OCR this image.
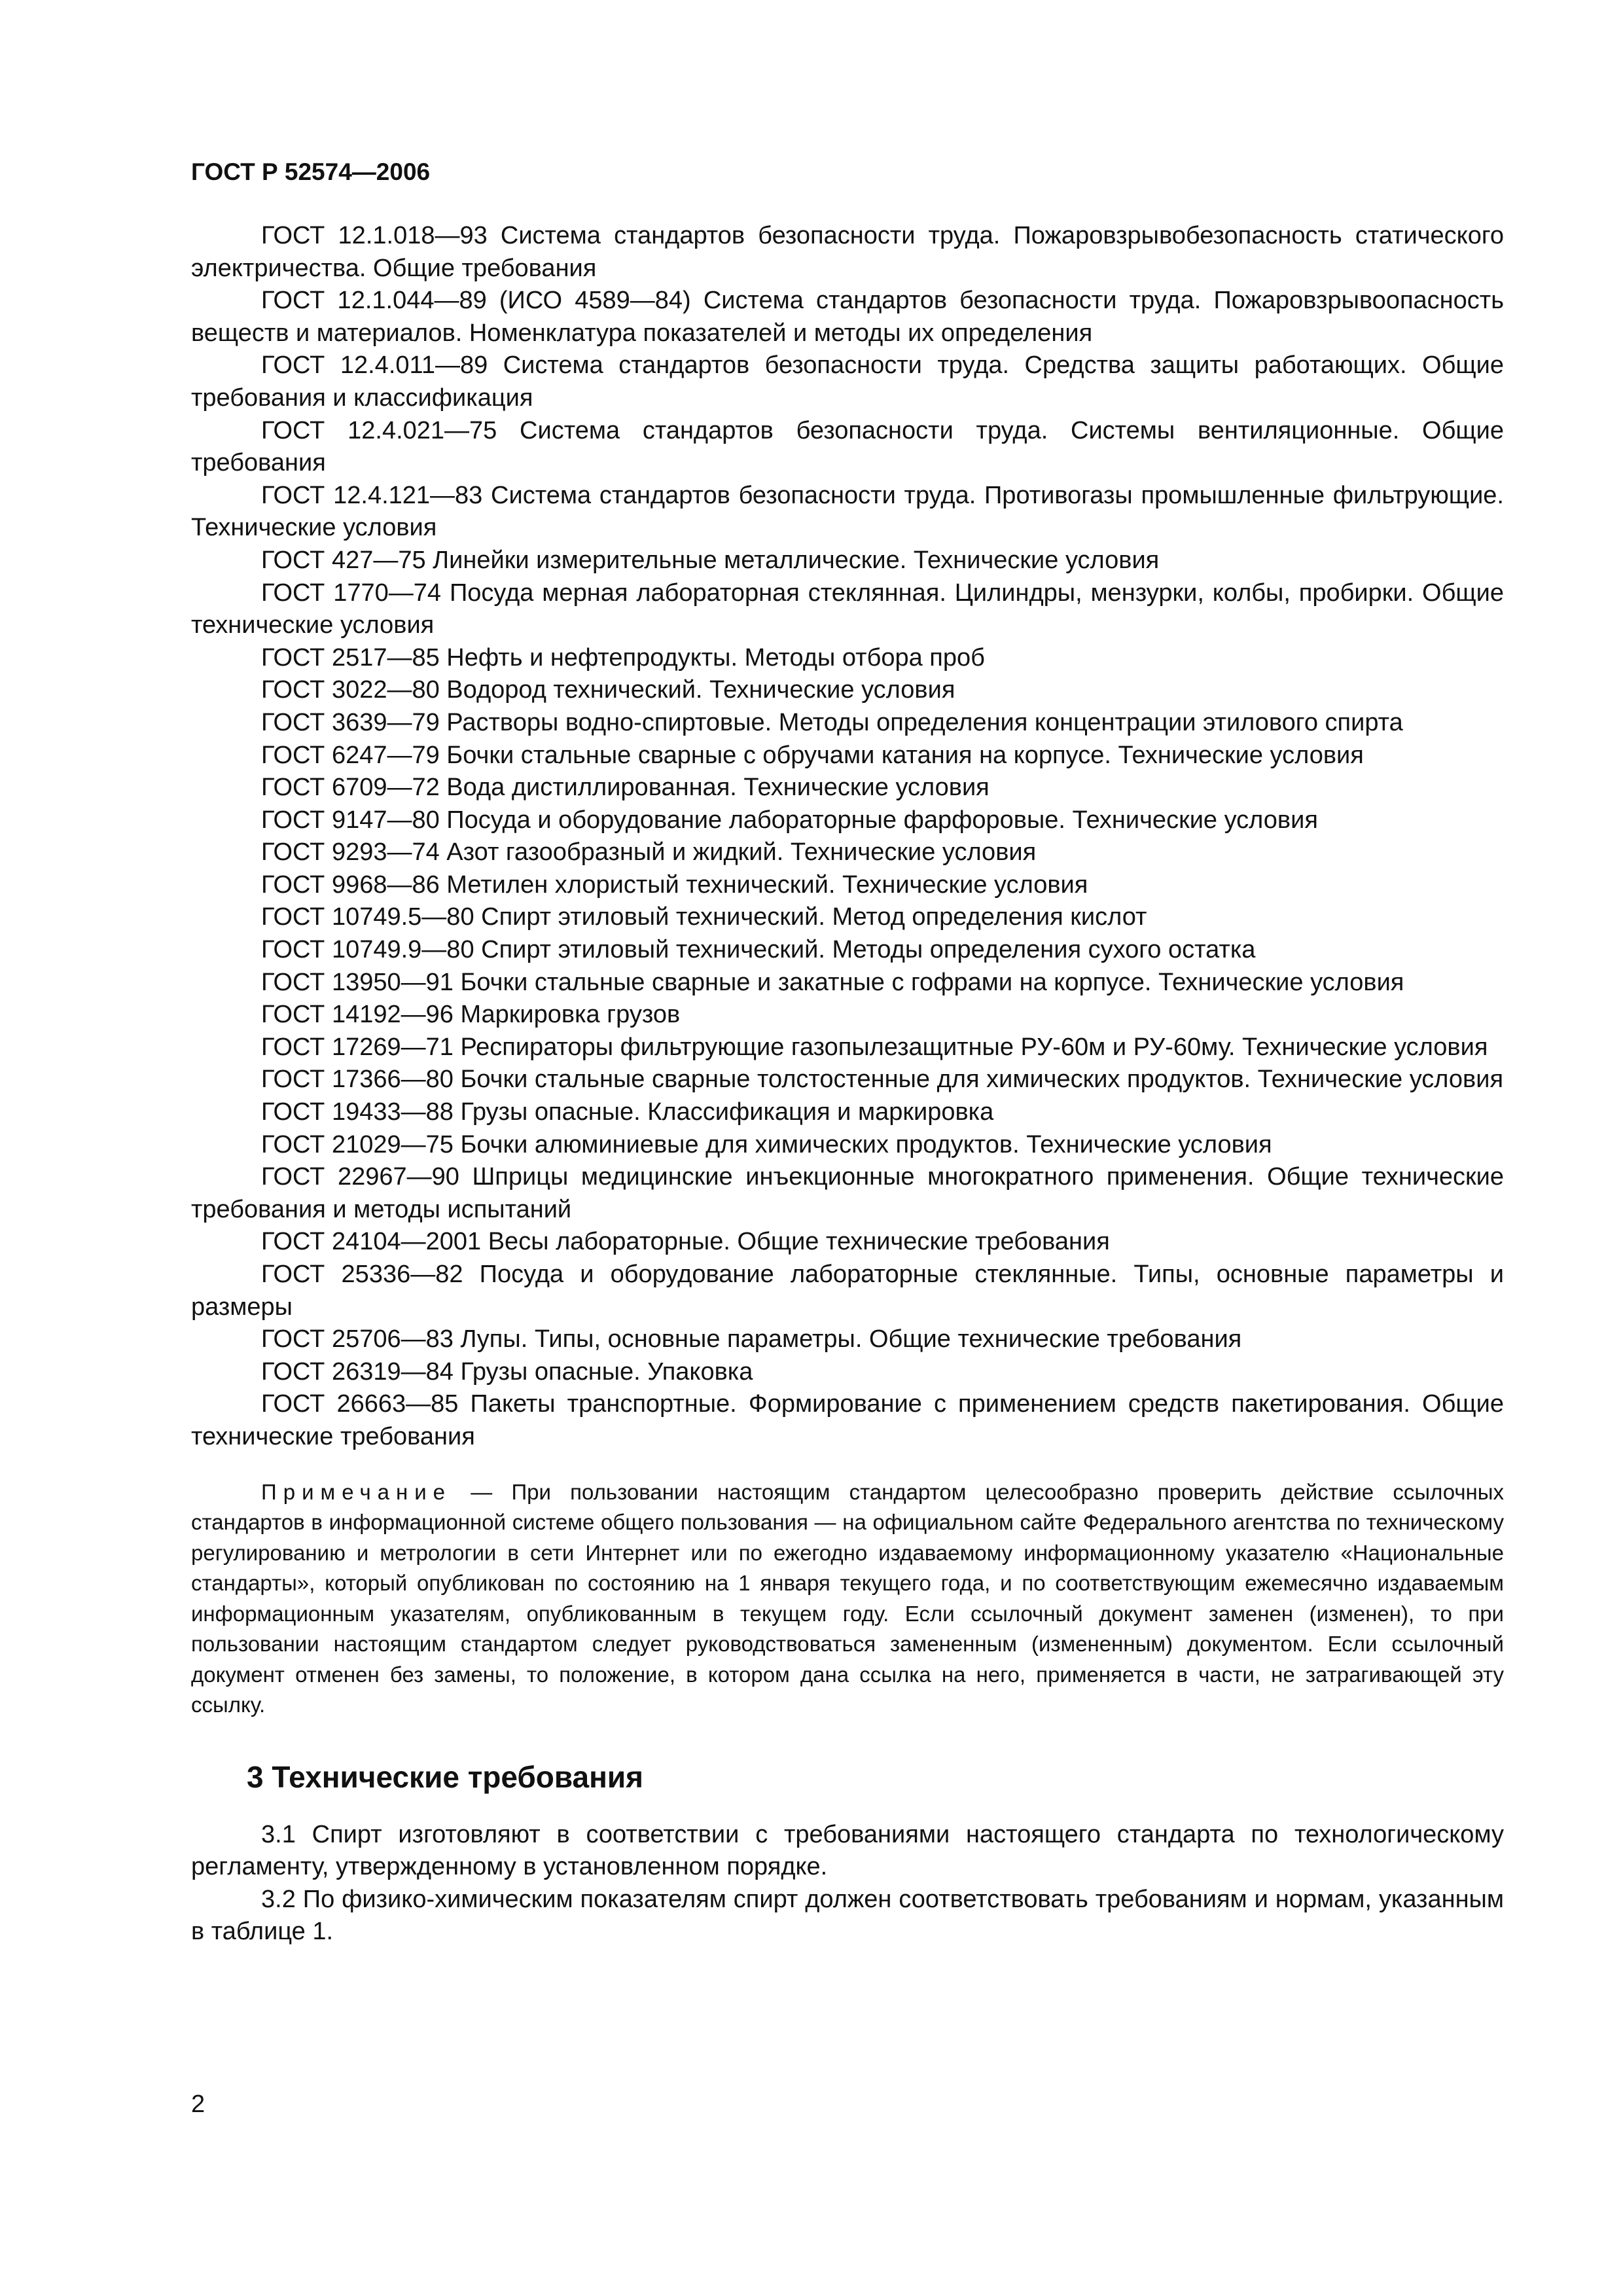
ГОСТ Р 52574—2006

ГОСТ 12.1.018—93 Система стандартов безопасности труда. Пожаровзрывобезопасность статического электричества. Общие требования

ГОСТ 12.1.044—89 (ИСО 4589—84) Система стандартов безопасности труда. Пожаровзрывоопасность веществ и материалов. Номенклатура показателей и методы их определения

ГОСТ 12.4.011—89 Система стандартов безопасности труда. Средства защиты работающих. Общие требования и классификация

ГОСТ 12.4.021—75 Система стандартов безопасности труда. Системы вентиляционные. Общие требования

ГОСТ 12.4.121—83 Система стандартов безопасности труда. Противогазы промышленные фильтрующие. Технические условия

ГОСТ 427—75 Линейки измерительные металлические. Технические условия

ГОСТ 1770—74 Посуда мерная лабораторная стеклянная. Цилиндры, мензурки, колбы, пробирки. Общие технические условия

ГОСТ 2517—85 Нефть и нефтепродукты. Методы отбора проб

ГОСТ 3022—80 Водород технический. Технические условия

ГОСТ 3639—79 Растворы водно-спиртовые. Методы определения концентрации этилового спирта

ГОСТ 6247—79 Бочки стальные сварные с обручами катания на корпусе. Технические условия

ГОСТ 6709—72 Вода дистиллированная. Технические условия

ГОСТ 9147—80 Посуда и оборудование лабораторные фарфоровые. Технические условия

ГОСТ 9293—74 Азот газообразный и жидкий. Технические условия

ГОСТ 9968—86 Метилен хлористый технический. Технические условия

ГОСТ 10749.5—80 Спирт этиловый технический. Метод определения кислот

ГОСТ 10749.9—80 Спирт этиловый технический. Методы определения сухого остатка

ГОСТ 13950—91 Бочки стальные сварные и закатные с гофрами на корпусе. Технические условия

ГОСТ 14192—96 Маркировка грузов

ГОСТ 17269—71 Респираторы фильтрующие газопылезащитные РУ-60м и РУ-60му. Технические условия

ГОСТ 17366—80 Бочки стальные сварные толстостенные для химических продуктов. Технические условия

ГОСТ 19433—88 Грузы опасные. Классификация и маркировка

ГОСТ 21029—75 Бочки алюминиевые для химических продуктов. Технические условия

ГОСТ 22967—90 Шприцы медицинские инъекционные многократного применения. Общие технические требования и методы испытаний

ГОСТ 24104—2001 Весы лабораторные. Общие технические требования

ГОСТ 25336—82 Посуда и оборудование лабораторные стеклянные. Типы, основные параметры и размеры

ГОСТ 25706—83 Лупы. Типы, основные параметры. Общие технические требования

ГОСТ 26319—84 Грузы опасные. Упаковка

ГОСТ 26663—85 Пакеты транспортные. Формирование с применением средств пакетирования. Общие технические требования

Примечание — При пользовании настоящим стандартом целесообразно проверить действие ссылочных стандартов в информационной системе общего пользования — на официальном сайте Федерального агентства по техническому регулированию и метрологии в сети Интернет или по ежегодно издаваемому информационному указателю «Национальные стандарты», который опубликован по состоянию на 1 января текущего года, и по соответствующим ежемесячно издаваемым информационным указателям, опубликованным в текущем году. Если ссылочный документ заменен (изменен), то при пользовании настоящим стандартом следует руководствоваться замененным (измененным) документом. Если ссылочный документ отменен без замены, то положение, в котором дана ссылка на него, применяется в части, не затрагивающей эту ссылку.

3 Технические требования

3.1 Спирт изготовляют в соответствии с требованиями настоящего стандарта по технологическому регламенту, утвержденному в установленном порядке.

3.2 По физико-химическим показателям спирт должен соответствовать требованиям и нормам, указанным в таблице 1.

2
